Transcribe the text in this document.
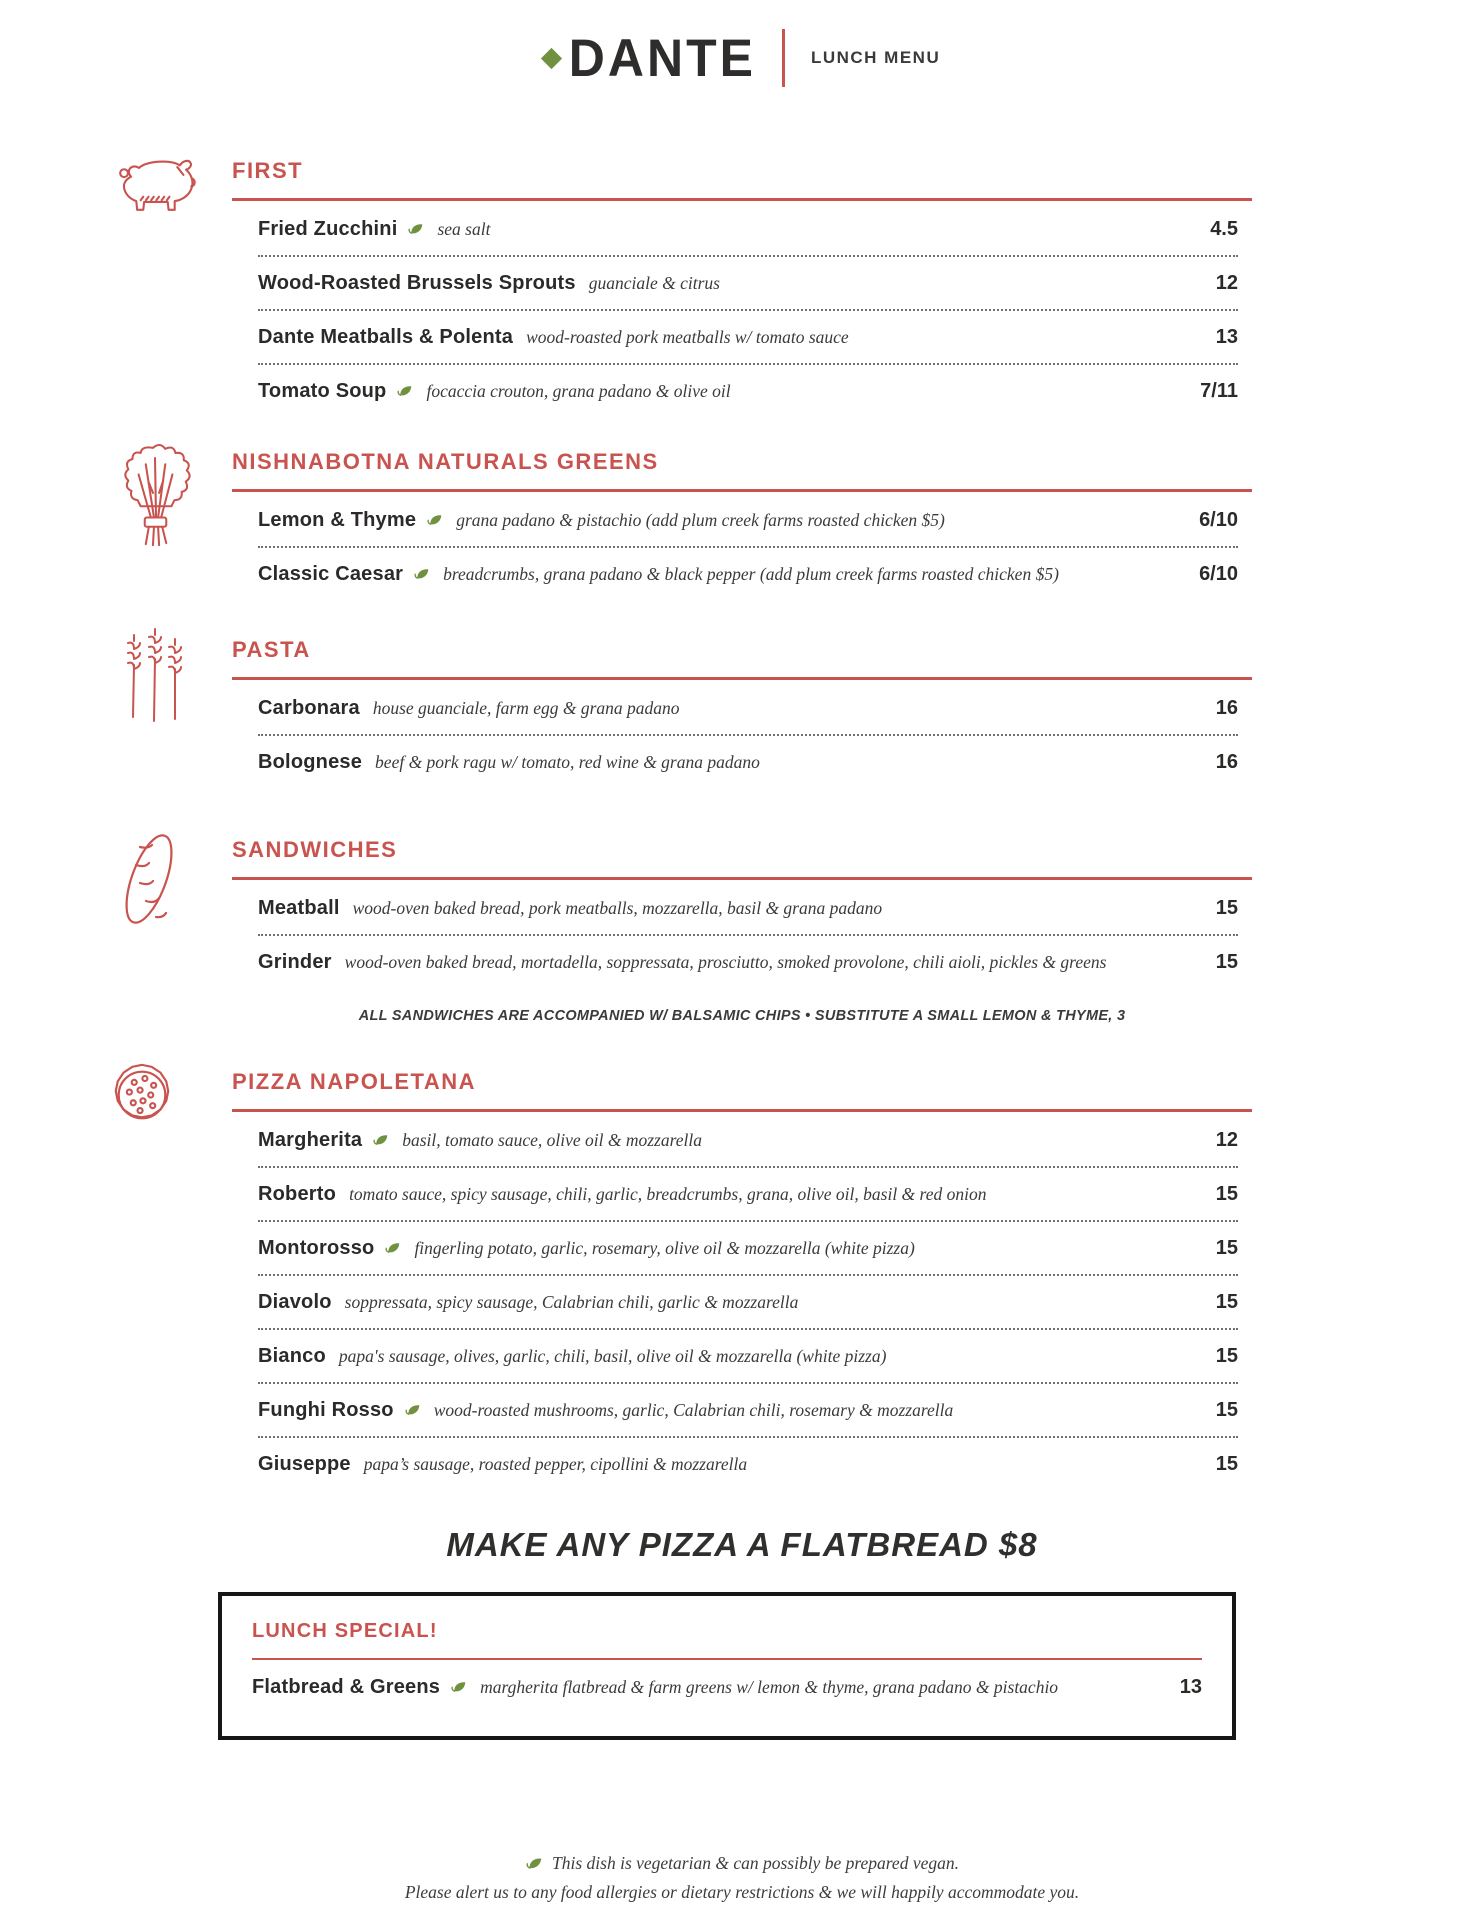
DANTE	LUNCH MENU
FIRST
Fried Zucchini sea salt	4.5
Wood-Roasted Brussels Sprouts guanciale & citrus	12
Dante Meatballs & Polenta wood-roasted pork meatballs w/ tomato sauce	13
Tomato Soup focaccia crouton, grana padano & olive oil	7/11
NISHNABOTNA NATURALS GREENS
Lemon & Thyme grana padano & pistachio (add plum creek farms roasted chicken $5)	6/10
Classic Caesar breadcrumbs, grana padano & black pepper (add plum creek farms roasted chicken $5)	6/10
PASTA
Carbonara house guanciale, farm egg & grana padano	16
Bolognese beef & pork ragu w/ tomato, red wine & grana padano	16
SANDWICHES
Meatball wood-oven baked bread, pork meatballs, mozzarella, basil & grana padano	15
Grinder wood-oven baked bread, mortadella, soppressata, prosciutto, smoked provolone, chili aioli, pickles & greens	15
ALL SANDWICHES ARE ACCOMPANIED W/ BALSAMIC CHIPS • SUBSTITUTE A SMALL LEMON & THYME, 3
PIZZA NAPOLETANA
Margherita basil, tomato sauce, olive oil & mozzarella	12
Roberto tomato sauce, spicy sausage, chili, garlic, breadcrumbs, grana, olive oil, basil & red onion	15
Montorosso fingerling potato, garlic, rosemary, olive oil & mozzarella (white pizza)	15
Diavolo soppressata, spicy sausage, Calabrian chili, garlic & mozzarella	15
Bianco papa's sausage, olives, garlic, chili, basil, olive oil & mozzarella (white pizza)	15
Funghi Rosso wood-roasted mushrooms, garlic, Calabrian chili, rosemary & mozzarella	15
Giuseppe papa’s sausage, roasted pepper, cipollini & mozzarella	15
MAKE ANY PIZZA A FLATBREAD $8
LUNCH SPECIAL!
Flatbread & Greens margherita flatbread & farm greens w/ lemon & thyme, grana padano & pistachio	13
This dish is vegetarian & can possibly be prepared vegan.
Please alert us to any food allergies or dietary restrictions & we will happily accommodate you.
